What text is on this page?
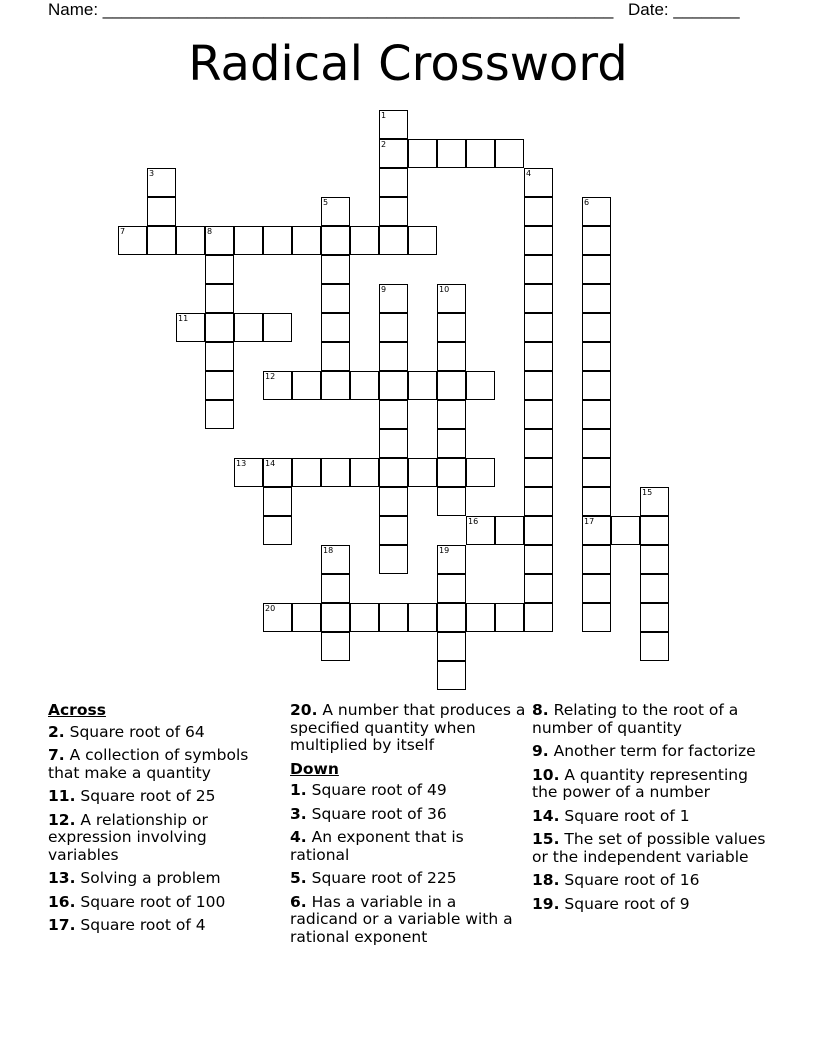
Name: ______________________________________________________ Date: _______
Radical Crossword
1
2
3	4
5	6
7	8
9	10
11
12
13 14
15
16	17
18	19
20
Across
2. Square root of 64
7. A collection of symbols that make a quantity
11. Square root of 25
12. A relationship or expression involving variables
13. Solving a problem
16. Square root of 100
17. Square root of 4
20. A number that produces a specified quantity when multiplied by itself
Down
1. Square root of 49
3. Square root of 36
4. An exponent that is rational
5. Square root of 225
6. Has a variable in a radicand or a variable with a rational exponent
8. Relating to the root of a number of quantity
9. Another term for factorize
10. A quantity representing the power of a number
14. Square root of 1
15. The set of possible values or the independent variable
18. Square root of 16
19. Square root of 9
